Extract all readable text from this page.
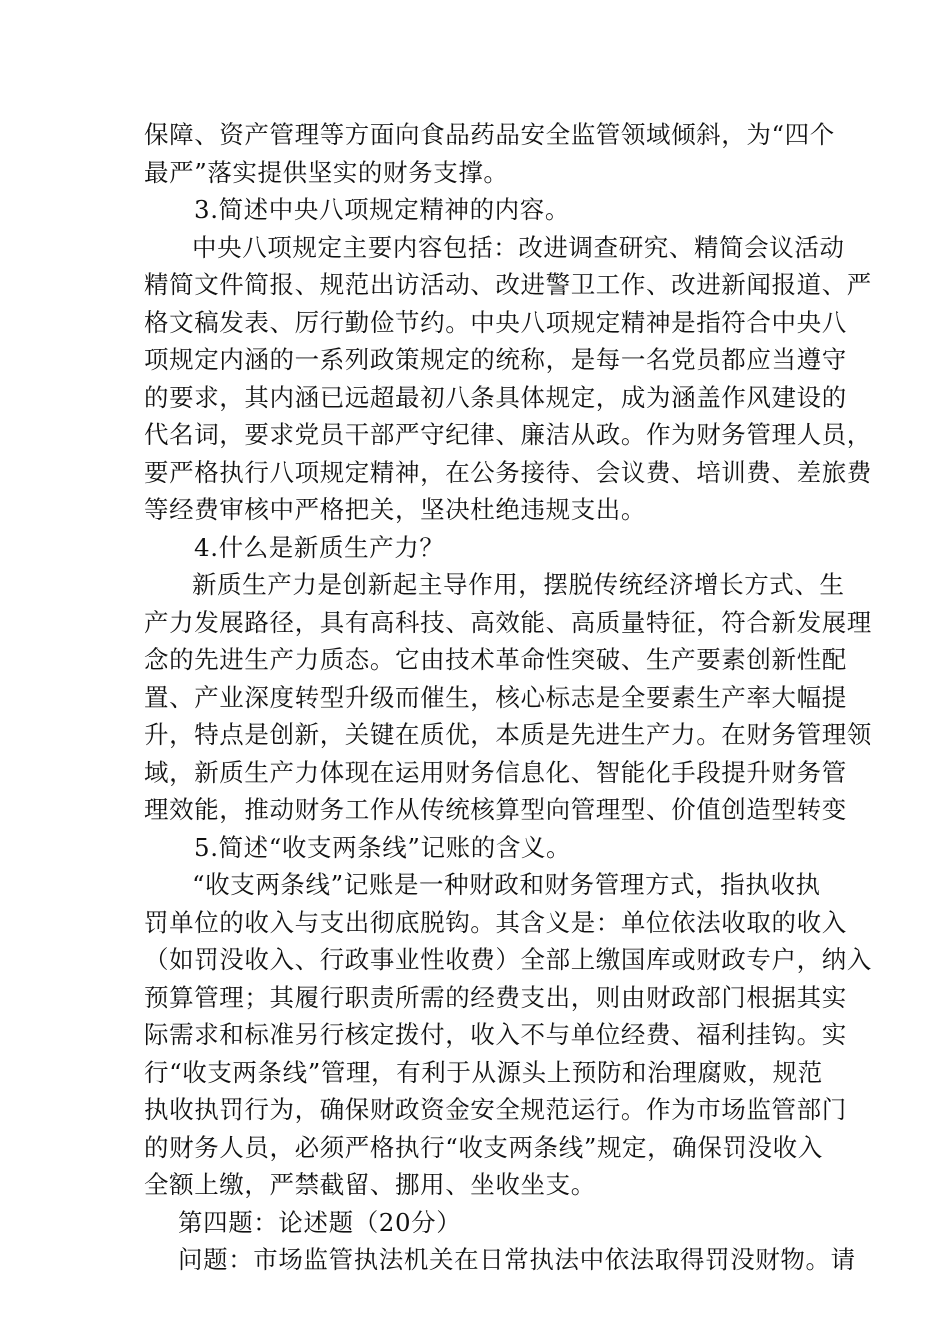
保障、资产管理等方面向食品药品安全监管领域倾斜，为“四个
最严”落实提供坚实的财务支撑。
3.简述中央八项规定精神的内容。
中央八项规定主要内容包括：改进调查研究、精简会议活动
精简文件简报、规范出访活动、改进警卫工作、改进新闻报道、严
格文稿发表、厉行勤俭节约。中央八项规定精神是指符合中央八
项规定内涵的一系列政策规定的统称，是每一名党员都应当遵守
的要求，其内涵已远超最初八条具体规定，成为涵盖作风建设的
代名词，要求党员干部严守纪律、廉洁从政。作为财务管理人员，
要严格执行八项规定精神，在公务接待、会议费、培训费、差旅费
等经费审核中严格把关，坚决杜绝违规支出。
4.什么是新质生产力？
新质生产力是创新起主导作用，摆脱传统经济增长方式、生
产力发展路径，具有高科技、高效能、高质量特征，符合新发展理
念的先进生产力质态。它由技术革命性突破、生产要素创新性配
置、产业深度转型升级而催生，核心标志是全要素生产率大幅提
升，特点是创新，关键在质优，本质是先进生产力。在财务管理领
域，新质生产力体现在运用财务信息化、智能化手段提升财务管
理效能，推动财务工作从传统核算型向管理型、价值创造型转变
5.简述“收支两条线”记账的含义。
“收支两条线”记账是一种财政和财务管理方式，指执收执
罚单位的收入与支出彻底脱钩。其含义是：单位依法收取的收入
（如罚没收入、行政事业性收费）全部上缴国库或财政专户，纳入
预算管理；其履行职责所需的经费支出，则由财政部门根据其实
际需求和标准另行核定拨付，收入不与单位经费、福利挂钩。实
行“收支两条线”管理，有利于从源头上预防和治理腐败，规范
执收执罚行为，确保财政资金安全规范运行。作为市场监管部门
的财务人员，必须严格执行“收支两条线”规定，确保罚没收入
全额上缴，严禁截留、挪用、坐收坐支。
第四题：论述题（20分）
问题：市场监管执法机关在日常执法中依法取得罚没财物。请
